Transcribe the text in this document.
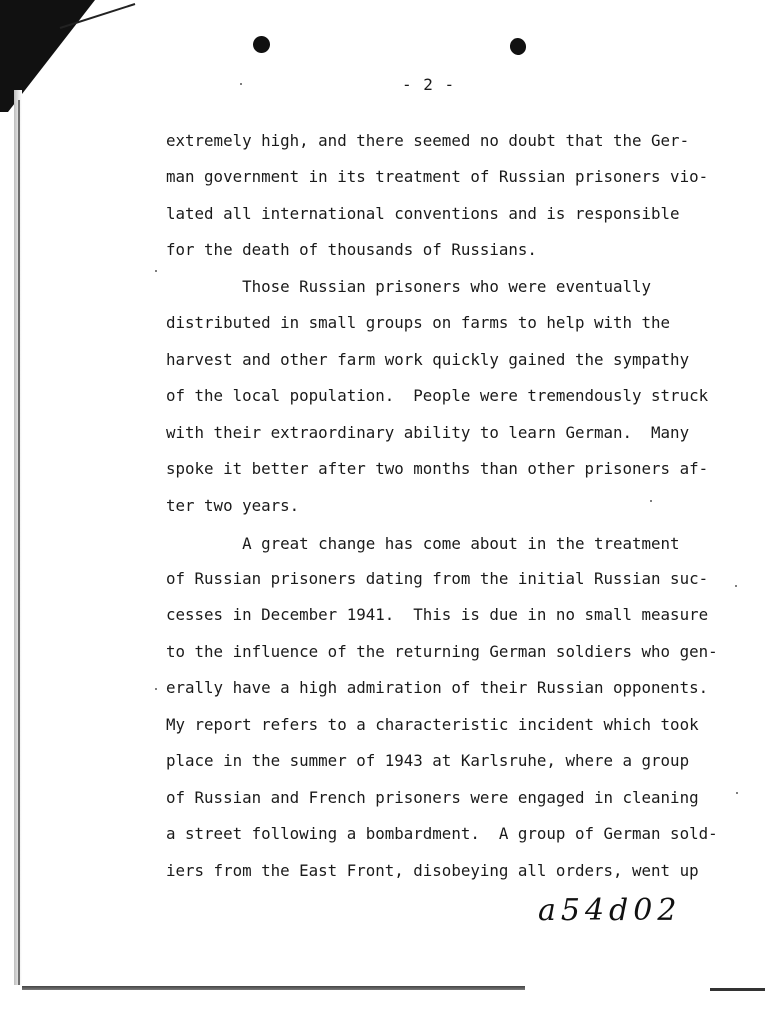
- 2 -
extremely high, and there seemed no doubt that the Ger-
man government in its treatment of Russian prisoners vio-
lated all international conventions and is responsible
for the death of thousands of Russians.
Those Russian prisoners who were eventually
distributed in small groups on farms to help with the
harvest and other farm work quickly gained the sympathy
of the local population.  People were tremendously struck
with their extraordinary ability to learn German.  Many
spoke it better after two months than other prisoners af-
ter two years.
A great change has come about in the treatment
of Russian prisoners dating from the initial Russian suc-
cesses in December 1941.  This is due in no small measure
to the influence of the returning German soldiers who gen-
erally have a high admiration of their Russian opponents.
My report refers to a characteristic incident which took
place in the summer of 1943 at Karlsruhe, where a group
of Russian and French prisoners were engaged in cleaning
a street following a bombardment.  A group of German sold-
iers from the East Front, disobeying all orders, went up
a54d02
